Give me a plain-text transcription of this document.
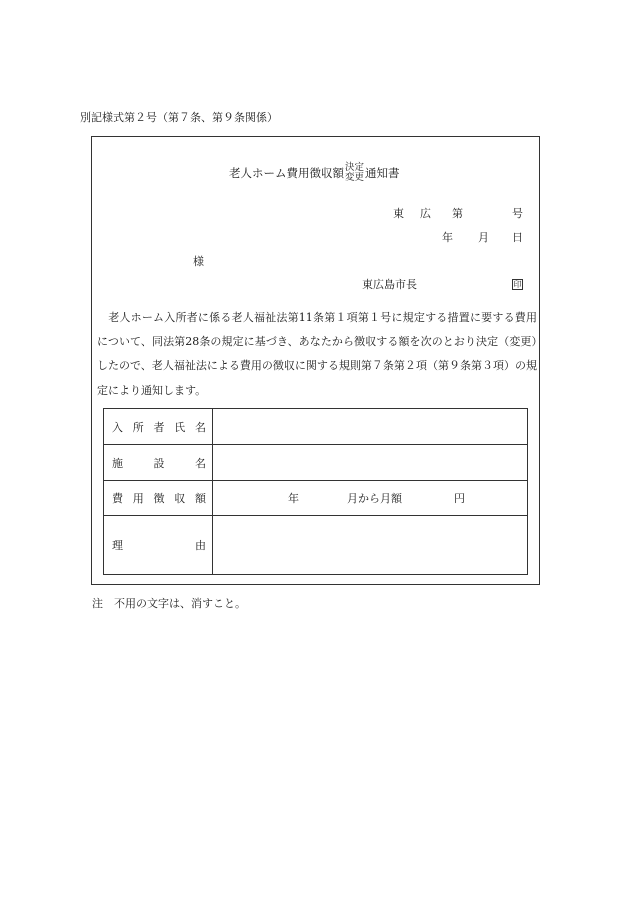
別記様式第２号（第７条、第９条関係）
老人ホーム費用徴収額 決定
変更 通知書
東 広 第	号
年 月 日
様
東広島市長	印
老人ホーム入所者に係る老人福祉法第11条第１項第１号に規定する措置に要する費用について、同法第28条の規定に基づき、あなたから徴収する額を次のとおり決定（変更）したので、老人福祉法による費用の徴収に関する規則第７条第２項（第９条第３項）の規定により通知します。
入 所 者 氏 名	

施 設 名	

費 用 徴 収 額	年 月から月額 円

理 由	

注　不用の文字は、消すこと。
